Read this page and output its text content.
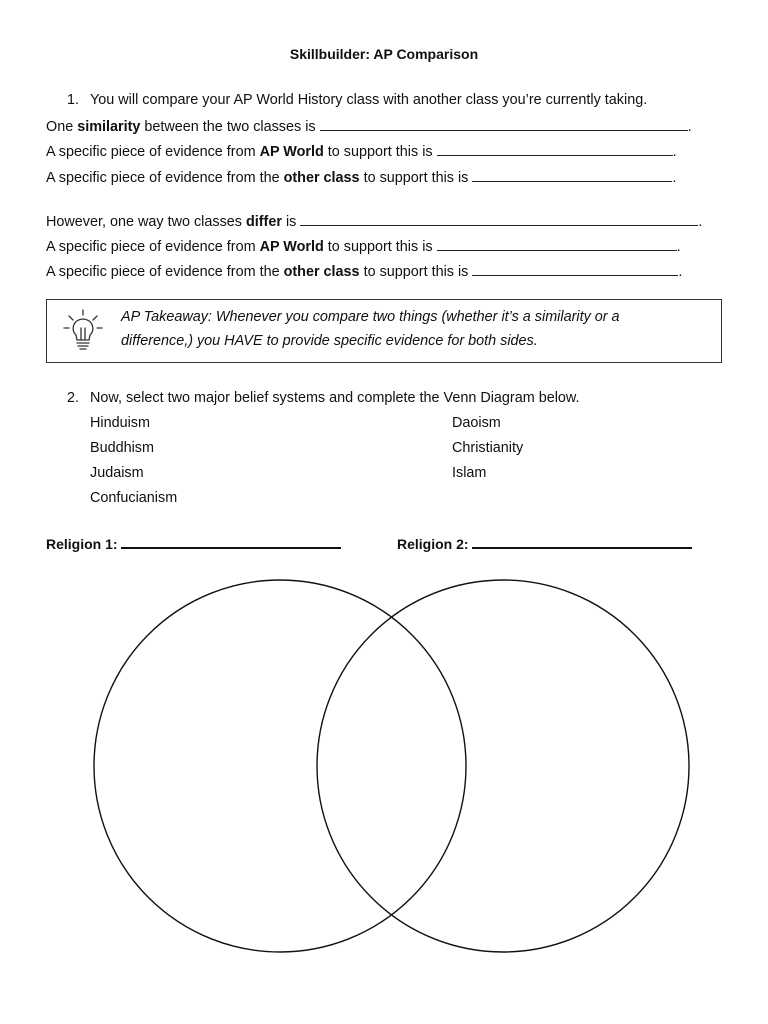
Skillbuilder: AP Comparison
1. You will compare your AP World History class with another class you’re currently taking.
One similarity between the two classes is	.
A specific piece of evidence from AP World to support this is	.
A specific piece of evidence from the other class to support this is	.
However, one way two classes differ is	.
A specific piece of evidence from AP World to support this is	.
A specific piece of evidence from the other class to support this is	.
AP Takeaway: Whenever you compare two things (whether it’s a similarity or a
difference,) you HAVE to provide specific evidence for both sides.
2. Now, select two major belief systems and complete the Venn Diagram below.
Hinduism
Buddhism
Judaism
Confucianism
Daoism
Christianity
Islam
Religion 1:	Religion 2:
